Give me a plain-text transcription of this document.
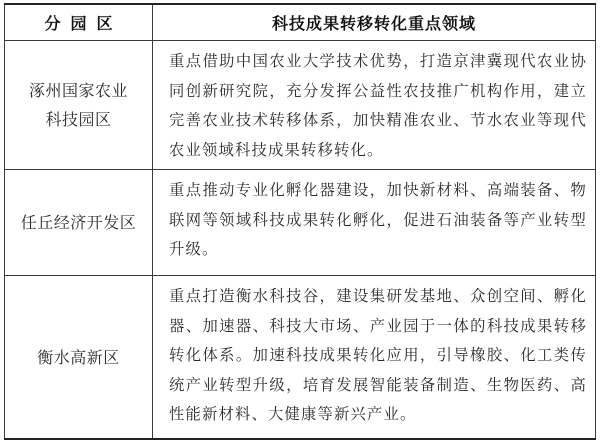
分园区	科技成果转移转化重点领域

涿州国家农业
科技园区	重点借助中国农业大学技术优势，打造京津冀现代农业协同创新研究院，充分发挥公益性农技推广机构作用，建立完善农业技术转移体系，加快精准农业、节水农业等现代农业领域科技成果转移转化。

任丘经济开发区	重点推动专业化孵化器建设，加快新材料、高端装备、物联网等领域科技成果转化孵化，促进石油装备等产业转型升级。

衡水高新区	重点打造衡水科技谷，建设集研发基地、众创空间、孵化器、加速器、科技大市场、产业园于一体的科技成果转移转化体系。加速科技成果转化应用，引导橡胶、化工类传统产业转型升级，培育发展智能装备制造、生物医药、高性能新材料、大健康等新兴产业。
